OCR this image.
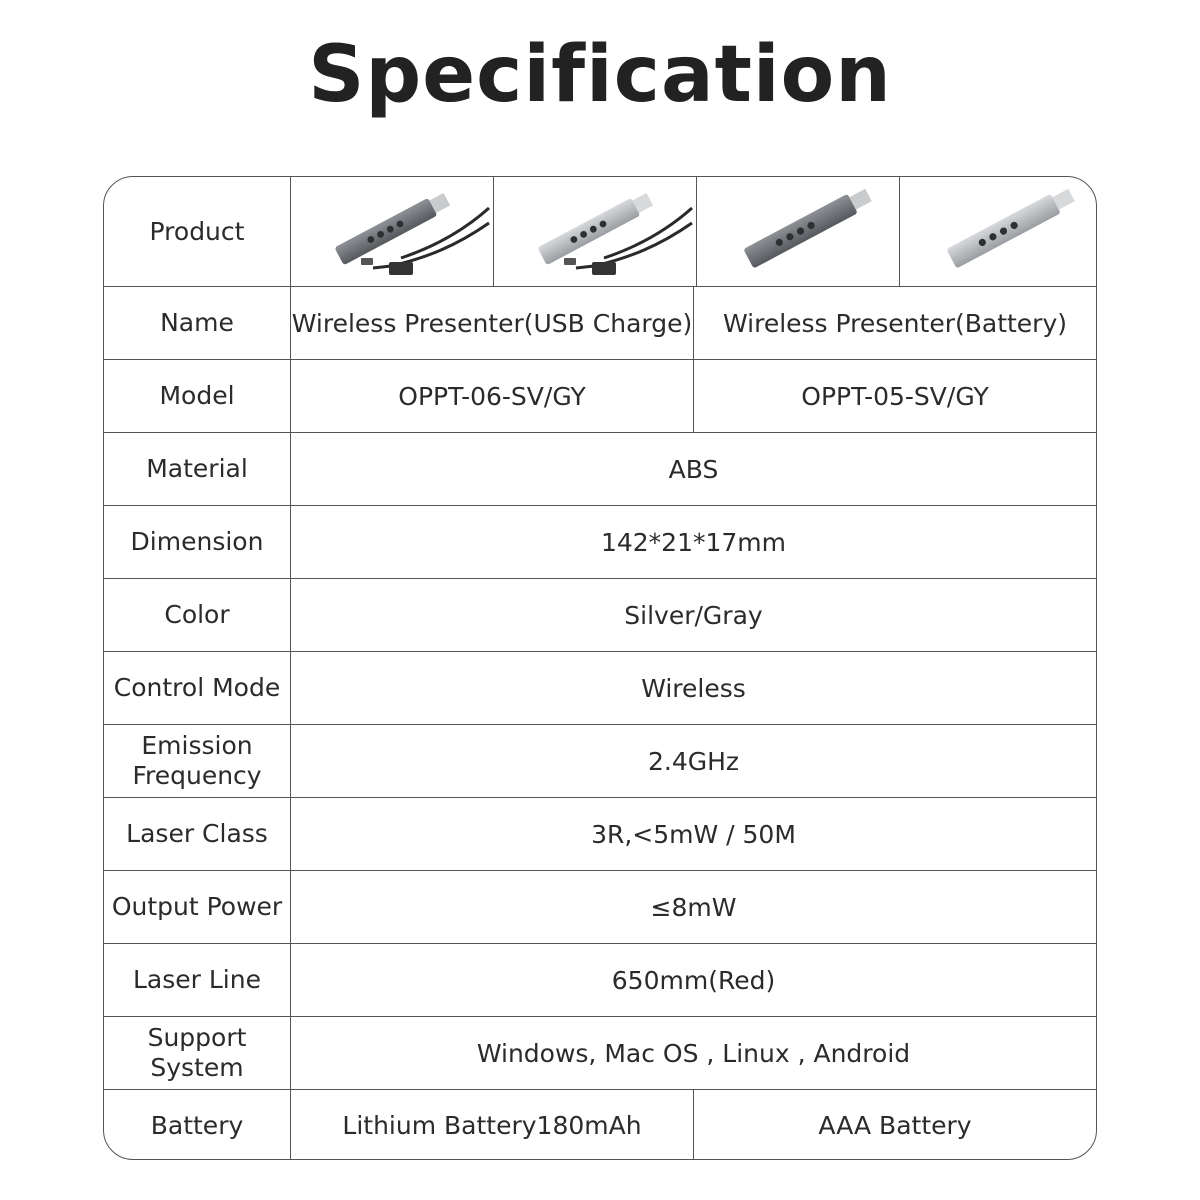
Specification
Product
Name	Wireless Presenter(USB Charge)	Wireless Presenter(Battery)
Model	OPPT-06-SV/GY	OPPT-05-SV/GY
Material	ABS
Dimension	142*21*17mm
Color	Silver/Gray
Control Mode	Wireless
Emission Frequency	2.4GHz
Laser Class	3R,<5mW / 50M
Output Power	≤8mW
Laser Line	650mm(Red)
Support System	Windows, Mac OS , Linux , Android
Battery	Lithium Battery180mAh	AAA Battery
